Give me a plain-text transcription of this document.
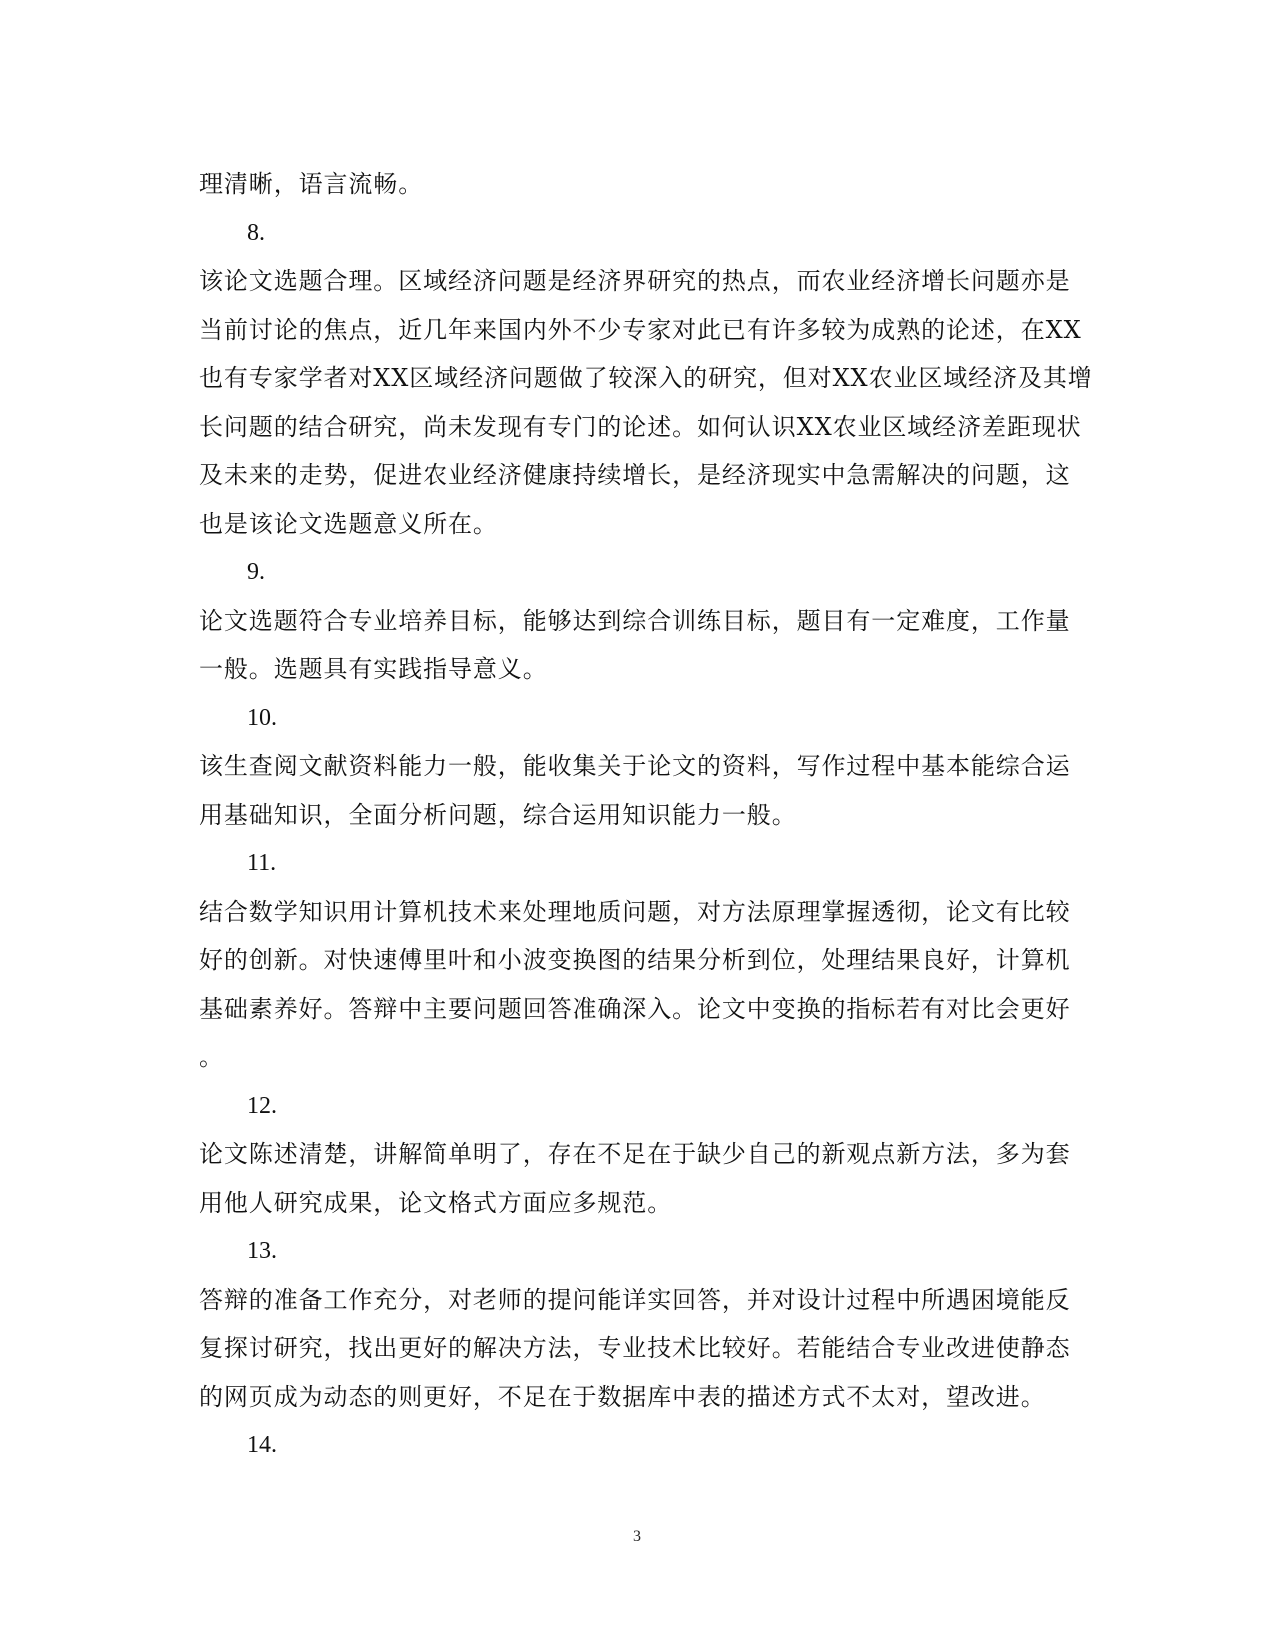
理清晰，语言流畅。
8.
该论文选题合理。区域经济问题是经济界研究的热点，而农业经济增长问题亦是
当前讨论的焦点，近几年来国内外不少专家对此已有许多较为成熟的论述，在XX
也有专家学者对XX区域经济问题做了较深入的研究，但对XX农业区域经济及其增
长问题的结合研究，尚未发现有专门的论述。如何认识XX农业区域经济差距现状
及未来的走势，促进农业经济健康持续增长，是经济现实中急需解决的问题，这
也是该论文选题意义所在。
9.
论文选题符合专业培养目标，能够达到综合训练目标，题目有一定难度，工作量
一般。选题具有实践指导意义。
10.
该生查阅文献资料能力一般，能收集关于论文的资料，写作过程中基本能综合运
用基础知识，全面分析问题，综合运用知识能力一般。
11.
结合数学知识用计算机技术来处理地质问题，对方法原理掌握透彻，论文有比较
好的创新。对快速傅里叶和小波变换图的结果分析到位，处理结果良好，计算机
基础素养好。答辩中主要问题回答准确深入。论文中变换的指标若有对比会更好
。
12.
论文陈述清楚，讲解简单明了，存在不足在于缺少自己的新观点新方法，多为套
用他人研究成果，论文格式方面应多规范。
13.
答辩的准备工作充分，对老师的提问能详实回答，并对设计过程中所遇困境能反
复探讨研究，找出更好的解决方法，专业技术比较好。若能结合专业改进使静态
的网页成为动态的则更好，不足在于数据库中表的描述方式不太对，望改进。
14.
3
